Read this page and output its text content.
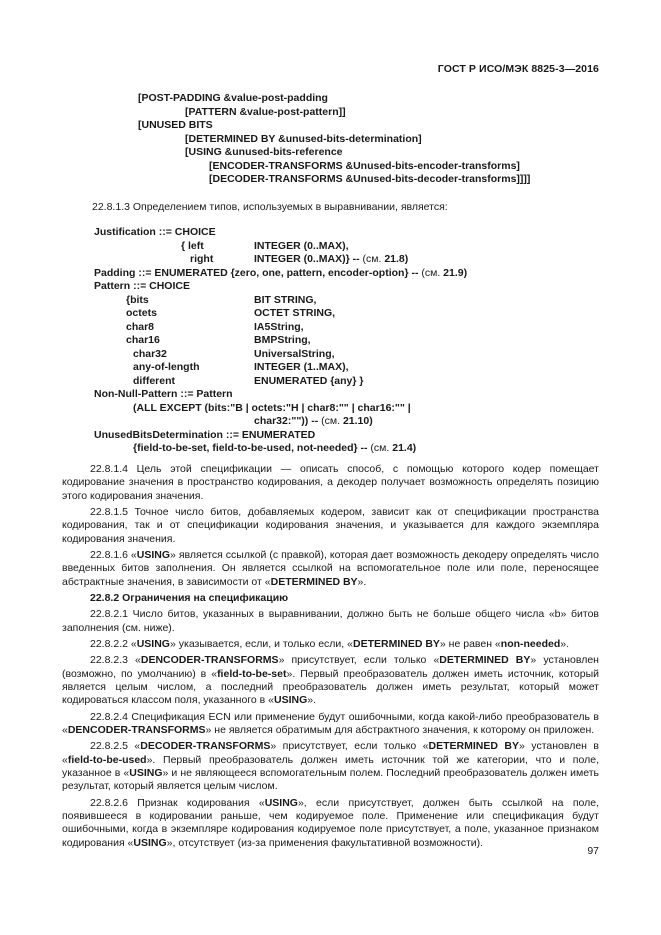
ГОСТ Р ИСО/МЭК 8825-3—2016
[POST-PADDING &value-post-padding
[PATTERN &value-post-pattern]]
[UNUSED BITS
[DETERMINED BY &unused-bits-determination]
[USING &unused-bits-reference
[ENCODER-TRANSFORMS &Unused-bits-encoder-transforms]
[DECODER-TRANSFORMS &Unused-bits-decoder-transforms]]]]
22.8.1.3 Определением типов, используемых в выравнивании, является:
Justification ::= CHOICE
{ left	INTEGER (0..MAX),
right	INTEGER (0..MAX)} -- (см. 21.8)
Padding ::= ENUMERATED {zero, one, pattern, encoder-option} -- (см. 21.9)
Pattern ::= CHOICE
{bits	BIT STRING,
octets	OCTET STRING,
char8	IA5String,
char16	BMPString,
char32	UniversalString,
any-of-length	INTEGER (1..MAX),
different	ENUMERATED {any} }
Non-Null-Pattern ::= Pattern
(ALL EXCEPT (bits:"B | octets:"H | char8:"" | char16:"" |
char32:"")) -- (см. 21.10)
UnusedBitsDetermination ::= ENUMERATED
{field-to-be-set, field-to-be-used, not-needed} -- (см. 21.4)

22.8.1.4 Цель этой спецификации — описать способ, с помощью которого кодер помещает кодирование значения в пространство кодирования, а декодер получает возможность определять позицию этого кодирования значения.

22.8.1.5 Точное число битов, добавляемых кодером, зависит как от спецификации пространства кодирования, так и от спецификации кодирования значения, и указывается для каждого экземпляра кодирования значения.

22.8.1.6 «USING» является ссылкой (с правкой), которая дает возможность декодеру определять число введенных битов заполнения. Он является ссылкой на вспомогательное поле или поле, переносящее абстрактные значения, в зависимости от «DETERMINED BY».

22.8.2 Ограничения на спецификацию

22.8.2.1 Число битов, указанных в выравнивании, должно быть не больше общего числа «b» битов заполнения (см. ниже).

22.8.2.2 «USING» указывается, если, и только если, «DETERMINED BY» не равен «non-needed».

22.8.2.3 «DENCODER-TRANSFORMS» присутствует, если только «DETERMINED BY» установлен (возможно, по умолчанию) в «field-to-be-set». Первый преобразователь должен иметь источник, который является целым числом, а последний преобразователь должен иметь результат, который может кодироваться классом поля, указанного в «USING».

22.8.2.4 Спецификация ECN или применение будут ошибочными, когда какой-либо преобразователь в «DENCODER-TRANSFORMS» не является обратимым для абстрактного значения, к которому он приложен.

22.8.2.5 «DECODER-TRANSFORMS» присутствует, если только «DETERMINED BY» установлен в «field-to-be-used». Первый преобразователь должен иметь источник той же категории, что и поле, указанное в «USING» и не являющееся вспомогательным полем. Последний преобразователь должен иметь результат, который является целым числом.

22.8.2.6 Признак кодирования «USING», если присутствует, должен быть ссылкой на поле, появившееся в кодировании раньше, чем кодируемое поле. Применение или спецификация будут ошибочными, когда в экземпляре кодирования кодируемое поле присутствует, а поле, указанное признаком кодирования «USING», отсутствует (из-за применения факультативной возможности).

97
